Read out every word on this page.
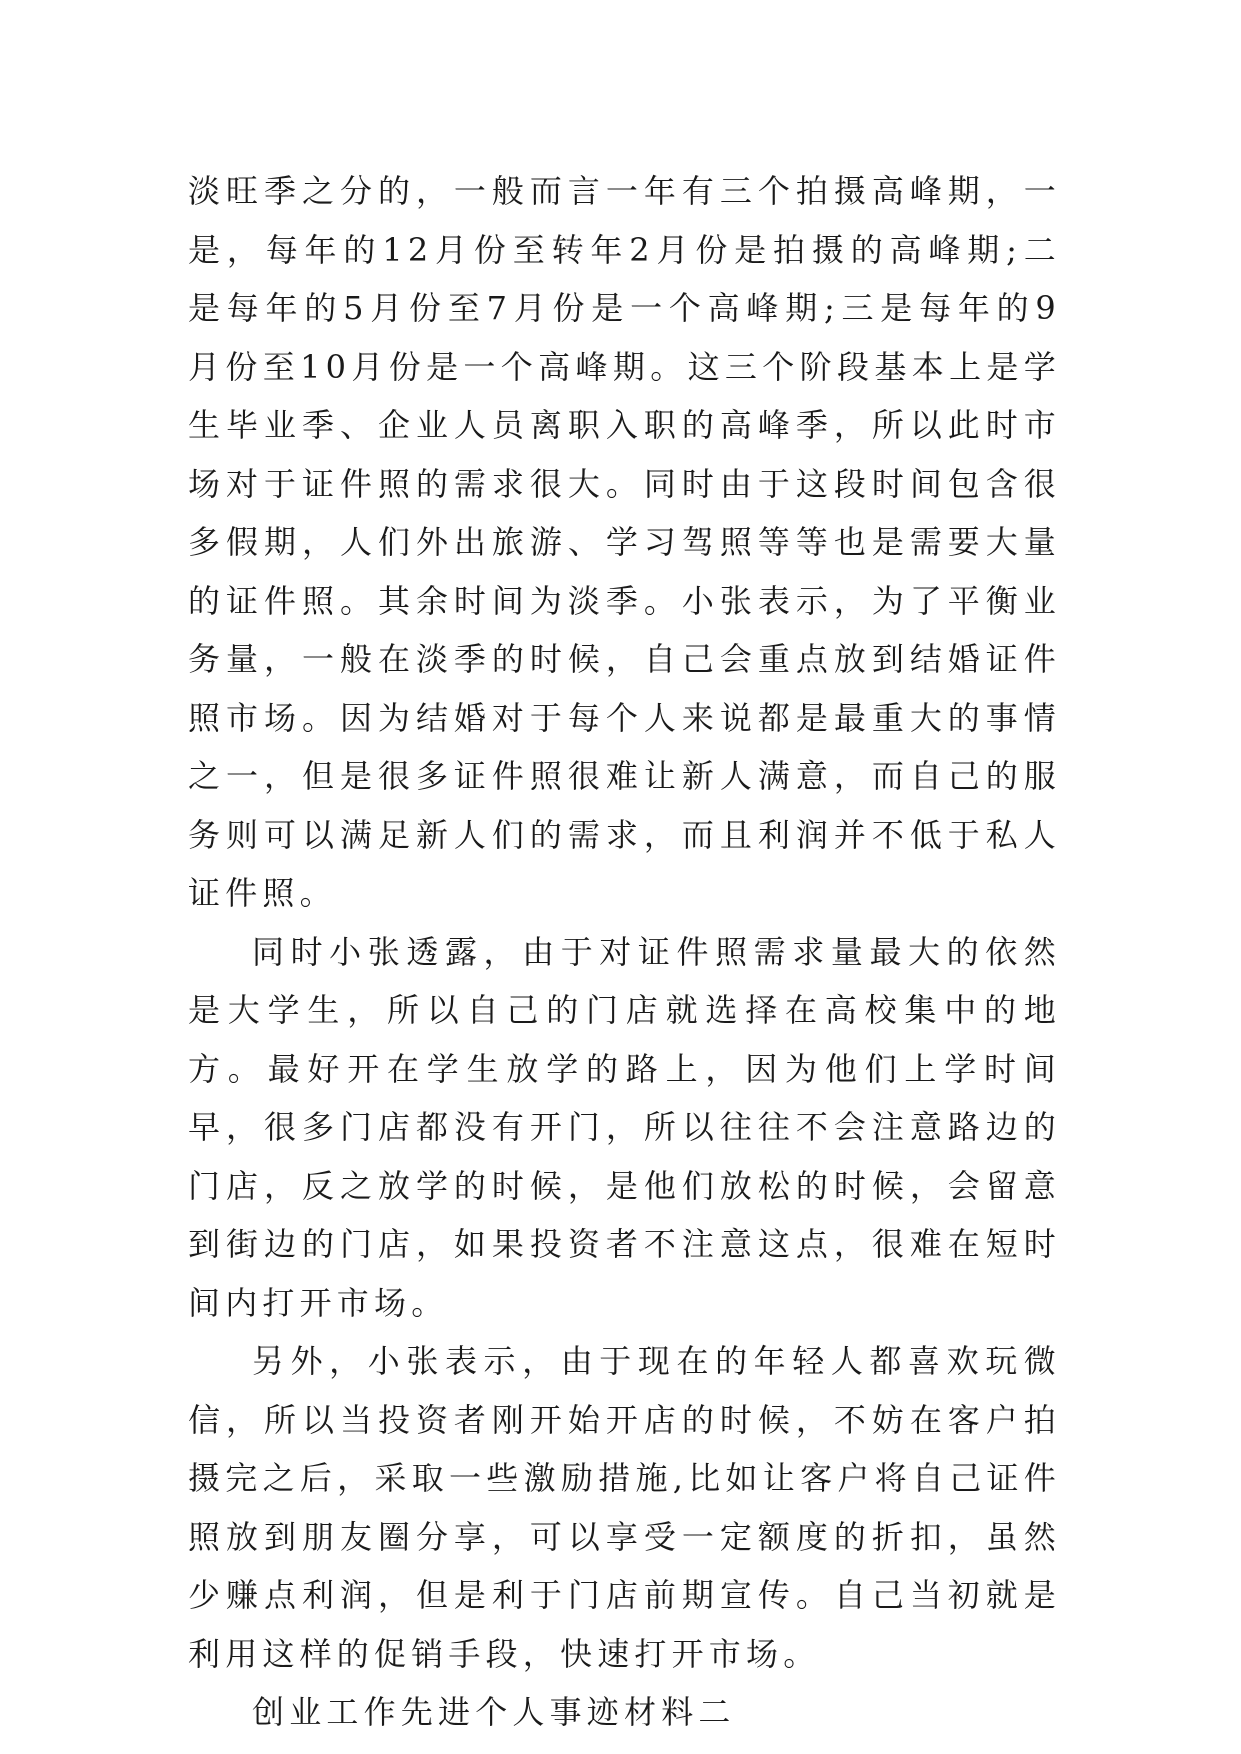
淡旺季之分的，一般而言一年有三个拍摄高峰期，一是，每年的12月份至转年2月份是拍摄的高峰期;二是每年的5月份至7月份是一个高峰期;三是每年的9月份至10月份是一个高峰期。这三个阶段基本上是学生毕业季、企业人员离职入职的高峰季，所以此时市场对于证件照的需求很大。同时由于这段时间包含很多假期，人们外出旅游、学习驾照等等也是需要大量的证件照。其余时间为淡季。小张表示，为了平衡业务量，一般在淡季的时候，自己会重点放到结婚证件照市场。因为结婚对于每个人来说都是最重大的事情之一，但是很多证件照很难让新人满意，而自己的服务则可以满足新人们的需求，而且利润并不低于私人证件照。

同时小张透露，由于对证件照需求量最大的依然是大学生，所以自己的门店就选择在高校集中的地方。最好开在学生放学的路上，因为他们上学时间早，很多门店都没有开门，所以往往不会注意路边的门店，反之放学的时候，是他们放松的时候，会留意到街边的门店，如果投资者不注意这点，很难在短时间内打开市场。

另外，小张表示，由于现在的年轻人都喜欢玩微信，所以当投资者刚开始开店的时候，不妨在客户拍摄完之后，采取一些激励措施,比如让客户将自己证件照放到朋友圈分享，可以享受一定额度的折扣，虽然少赚点利润，但是利于门店前期宣传。自己当初就是利用这样的促销手段，快速打开市场。

创业工作先进个人事迹材料二
